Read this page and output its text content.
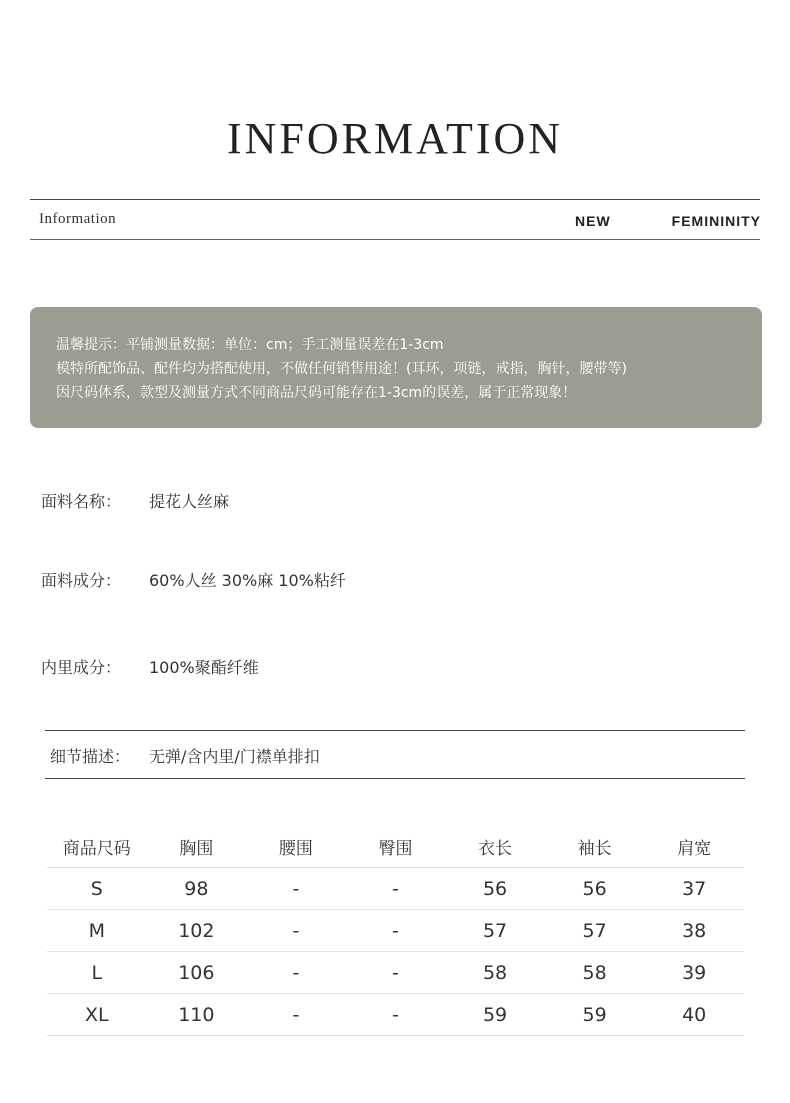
INFORMATION
Information	NEW	FEMININITY
温馨提示：平铺测量数据：单位：cm；手工测量误差在1-3cm
模特所配饰品、配件均为搭配使用，不做任何销售用途！(耳环，项链，戒指，胸针，腰带等)
因尺码体系，款型及测量方式不同商品尺码可能存在1-3cm的误差，属于正常现象！
面料名称： 提花人丝麻
面料成分： 60%人丝 30%麻 10%粘纤
内里成分： 100%聚酯纤维
细节描述： 无弹/含内里/门襟单排扣
商品尺码	胸围	腰围	臀围	衣长	袖长	肩宽
S	98	-	-	56	56	37
M	102	-	-	57	57	38
L	106	-	-	58	58	39
XL	110	-	-	59	59	40
